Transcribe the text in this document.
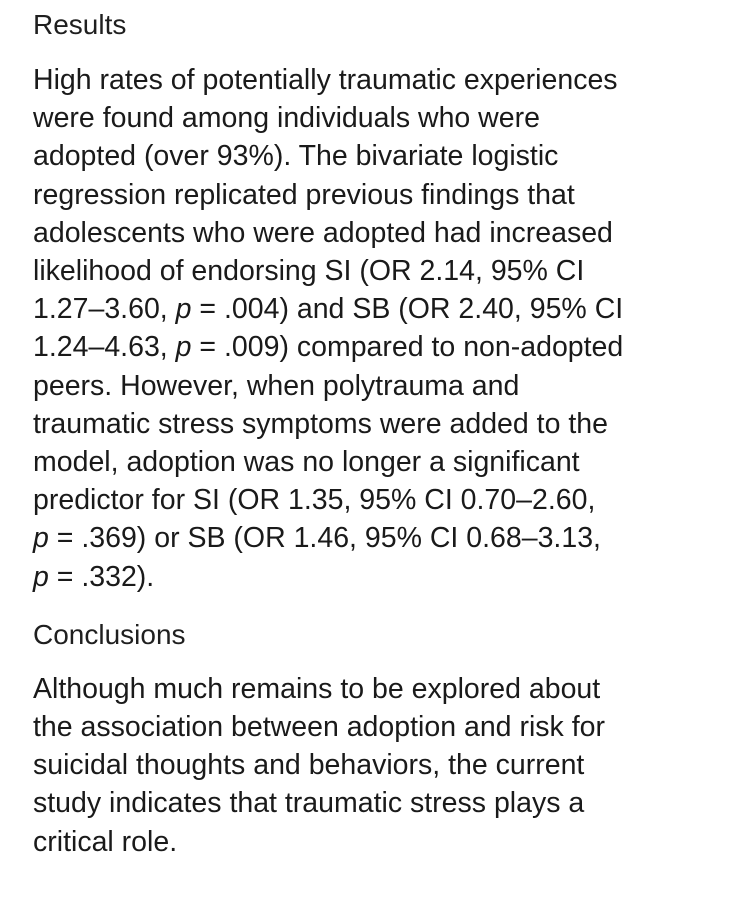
Results

High rates of potentially traumatic experiences
were found among individuals who were
adopted (over 93%). The bivariate logistic
regression replicated previous findings that
adolescents who were adopted had increased
likelihood of endorsing SI (OR 2.14, 95% CI
1.27–3.60, p = .004) and SB (OR 2.40, 95% CI
1.24–4.63, p = .009) compared to non-adopted
peers. However, when polytrauma and
traumatic stress symptoms were added to the
model, adoption was no longer a significant
predictor for SI (OR 1.35, 95% CI 0.70–2.60,
p = .369) or SB (OR 1.46, 95% CI 0.68–3.13,
p = .332).

Conclusions

Although much remains to be explored about
the association between adoption and risk for
suicidal thoughts and behaviors, the current
study indicates that traumatic stress plays a
critical role.
